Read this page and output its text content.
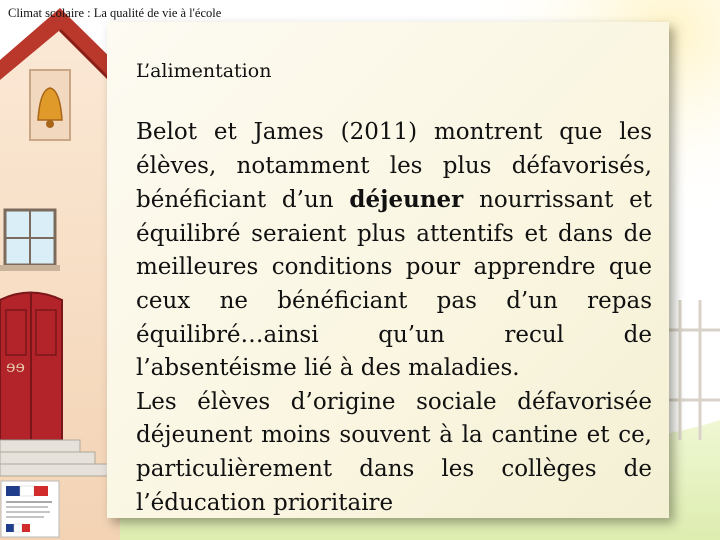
ɘɘ
Climat scolaire : La qualité de vie à l'école
L’alimentation

Belot et James (2011) montrent que les élèves, notamment les plus défavorisés, bénéficiant d’un déjeuner nourrissant et équilibré seraient plus attentifs et dans de meilleures conditions pour apprendre que ceux ne bénéficiant pas d’un repas équilibré…ainsi qu’un recul de l’absentéisme lié à des maladies.

Les élèves d’origine sociale défavorisée déjeunent moins souvent à la cantine et ce, particulièrement dans les collèges de l’éducation prioritaire
